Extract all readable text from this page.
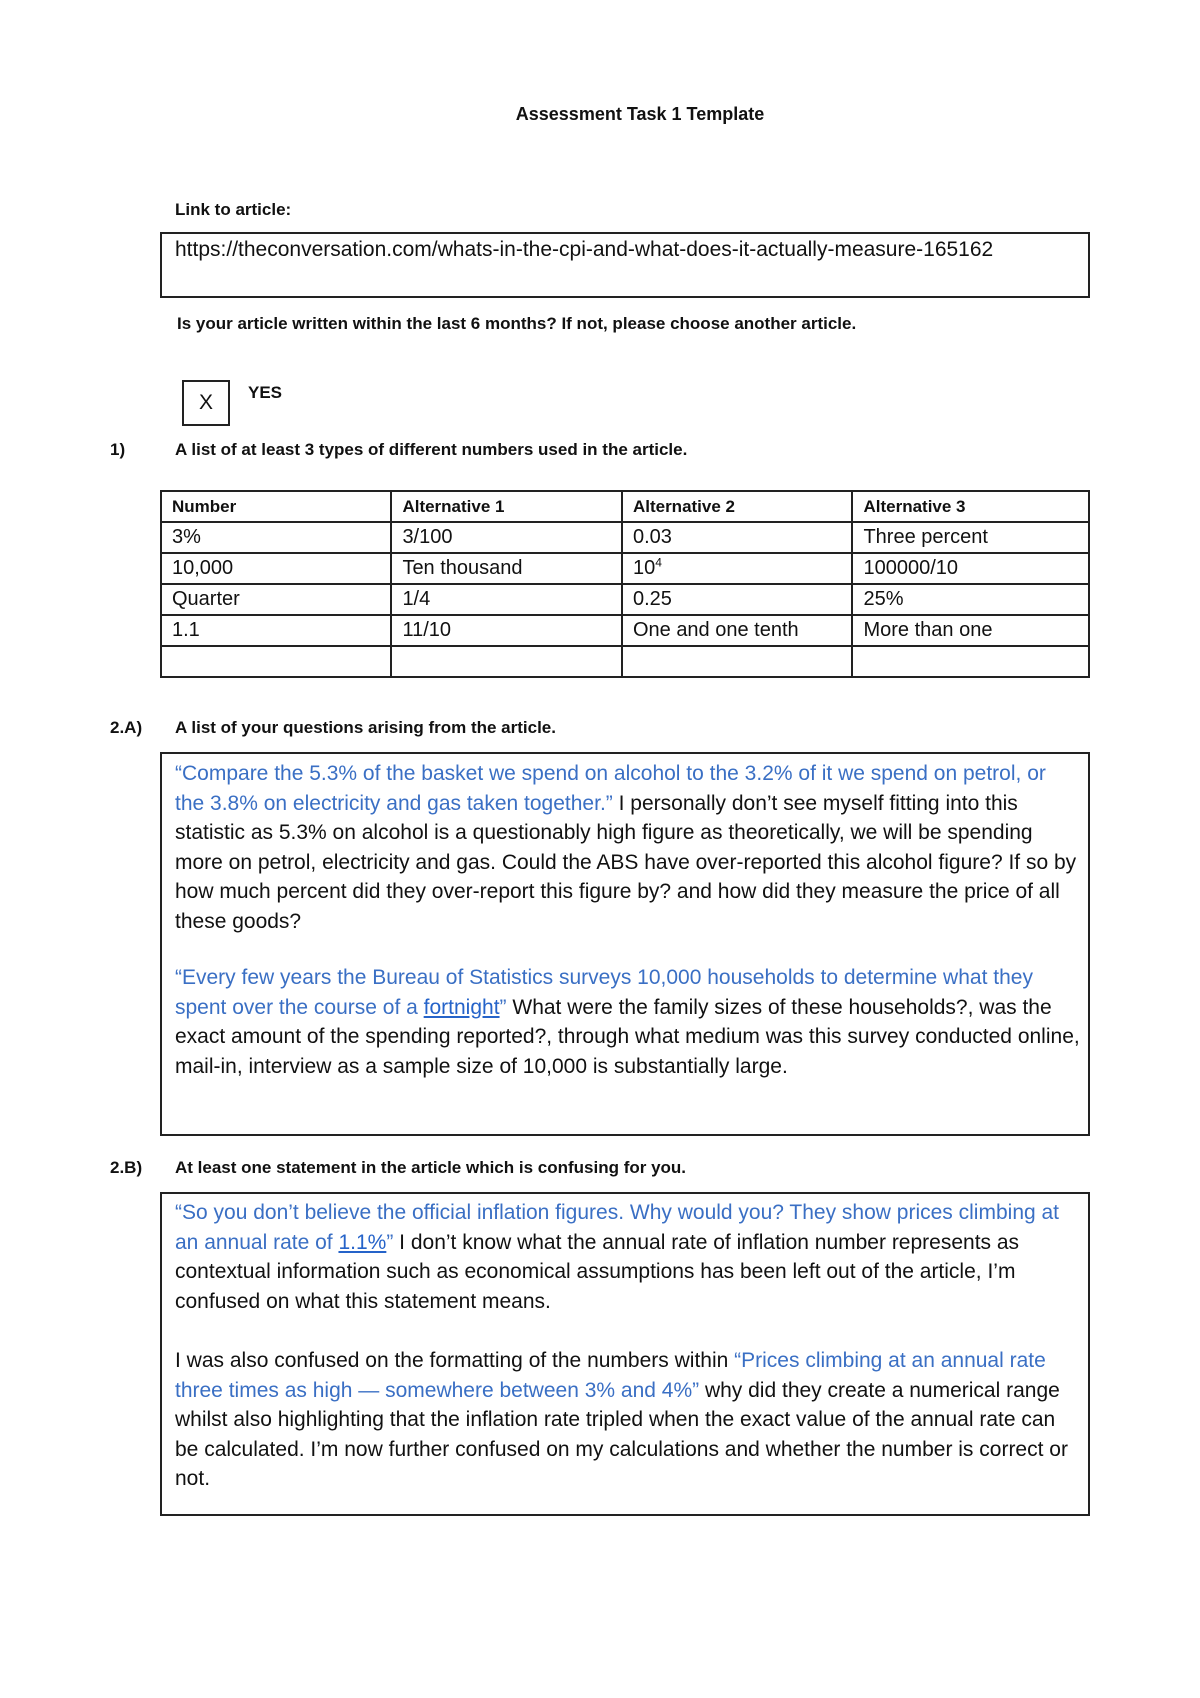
Assessment Task 1 Template
Link to article:
https://theconversation.com/whats-in-the-cpi-and-what-does-it-actually-measure-165162
Is your article written within the last 6 months? If not, please choose another article.
X	YES
1)	A list of at least 3 types of different numbers used in the article.
Number	Alternative 1	Alternative 2	Alternative 3
3%	3/100	0.03	Three percent
10,000	Ten thousand	$10^4$	100000/10
Quarter	1/4	0.25	25%
1.1	11/10	One and one tenth	More than one

2.A) A list of your questions arising from the article.
“Compare the 5.3% of the basket we spend on alcohol to the 3.2% of it we spend on petrol, or the 3.8% on electricity and gas taken together.” I personally don’t see myself fitting into this statistic as 5.3% on alcohol is a questionably high figure as theoretically, we will be spending more on petrol, electricity and gas. Could the ABS have over-reported this alcohol figure? If so by how much percent did they over-report this figure by? and how did they measure the price of all these goods?
“Every few years the Bureau of Statistics surveys 10,000 households to determine what they spent over the course of a fortnight” What were the family sizes of these households?, was the exact amount of the spending reported?, through what medium was this survey conducted online, mail-in, interview as a sample size of 10,000 is substantially large.
2.B) At least one statement in the article which is confusing for you.
“So you don’t believe the official inflation figures. Why would you? They show prices climbing at an annual rate of 1.1%” I don’t know what the annual rate of inflation number represents as contextual information such as economical assumptions has been left out of the article, I’m confused on what this statement means.
I was also confused on the formatting of the numbers within “Prices climbing at an annual rate three times as high — somewhere between 3% and 4%” why did they create a numerical range whilst also highlighting that the inflation rate tripled when the exact value of the annual rate can be calculated. I’m now further confused on my calculations and whether the number is correct or not.
